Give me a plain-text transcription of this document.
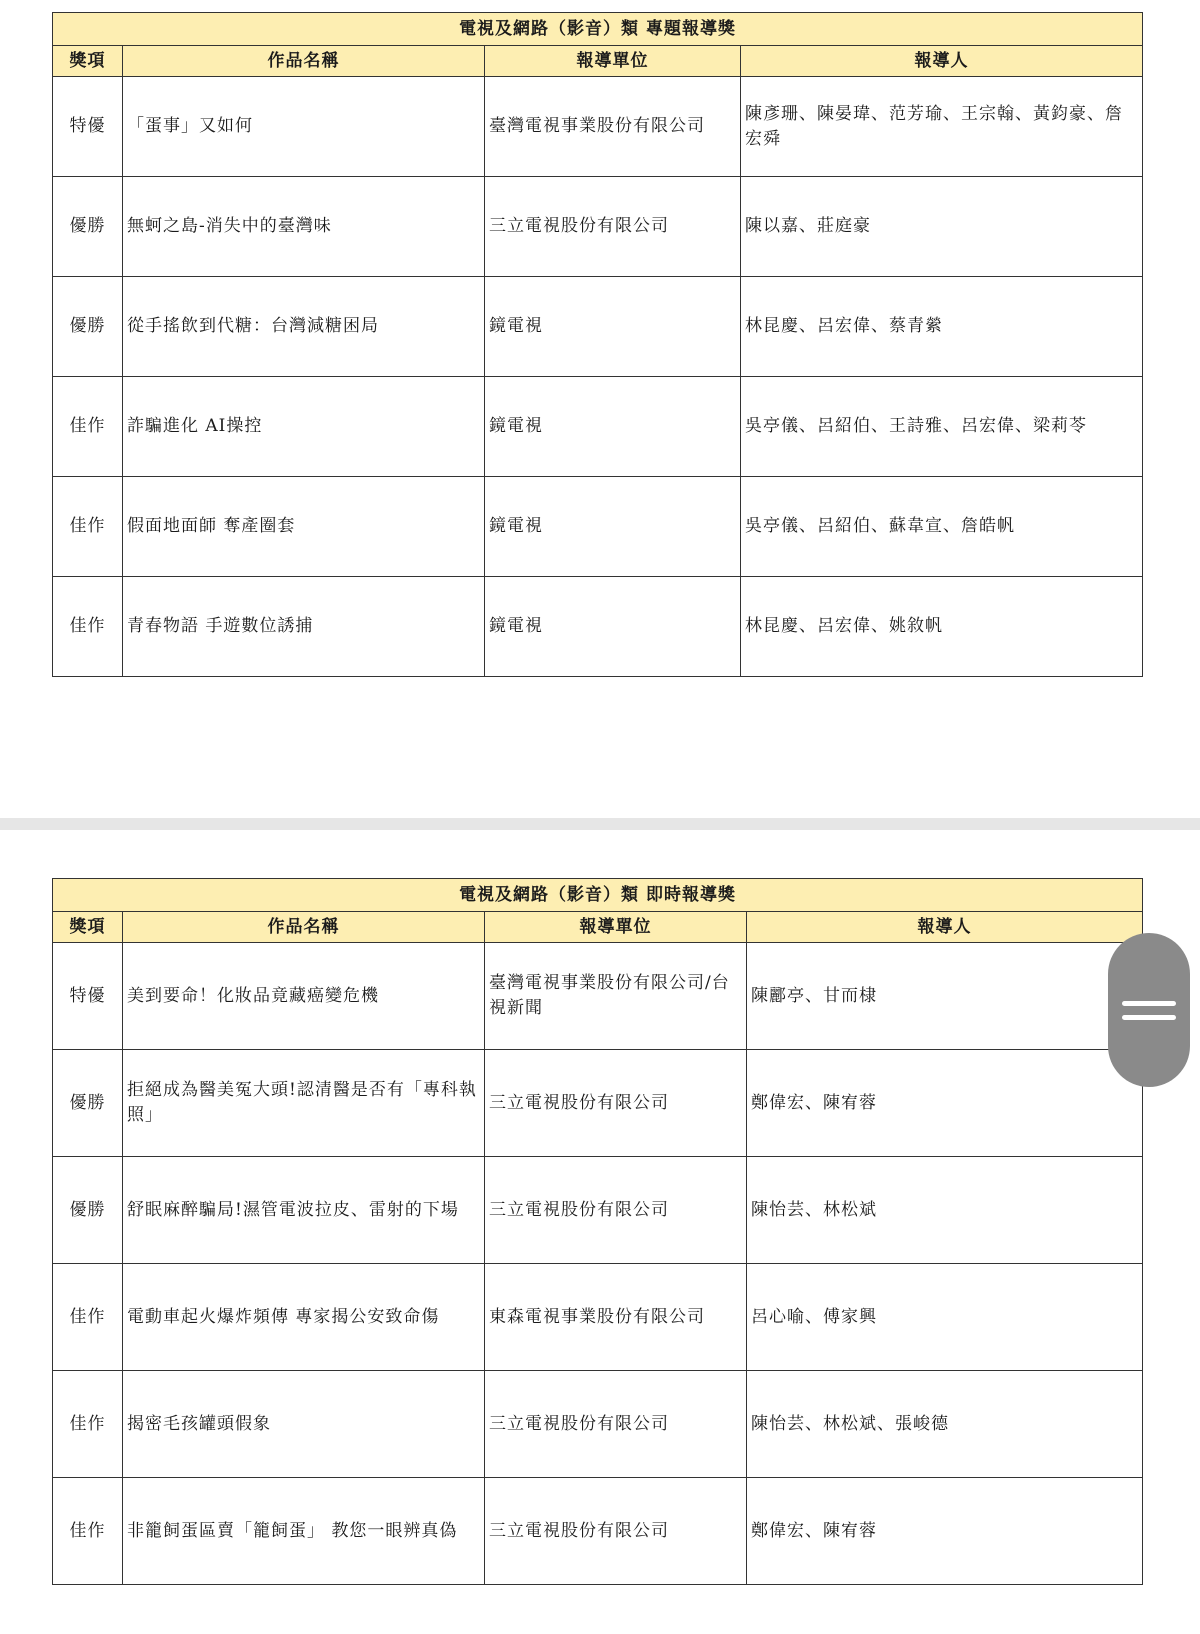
電視及網路（影音）類 專題報導獎			
獎項	作品名稱	報導單位	報導人
特優	「蛋事」又如何	臺灣電視事業股份有限公司	陳彥珊、陳晏瑋、范芳瑜、王宗翰、黃鈞豪、詹宏舜
優勝	無蚵之島-消失中的臺灣味	三立電視股份有限公司	陳以嘉、莊庭豪
優勝	從手搖飲到代糖：台灣減糖困局	鏡電視	林昆慶、呂宏偉、蔡青縈
佳作	詐騙進化 AI操控	鏡電視	吳亭儀、呂紹伯、王詩雅、呂宏偉、梁莉苓
佳作	假面地面師 奪產圈套	鏡電視	吳亭儀、呂紹伯、蘇韋宣、詹皓帆
佳作	青春物語 手遊數位誘捕	鏡電視	林昆慶、呂宏偉、姚敘帆
電視及網路（影音）類 即時報導獎			
獎項	作品名稱	報導單位	報導人
特優	美到要命！化妝品竟藏癌變危機	臺灣電視事業股份有限公司/台視新聞	陳酈亭、甘而棣
優勝	拒絕成為醫美冤大頭!認清醫是否有「專科執照」	三立電視股份有限公司	鄭偉宏、陳宥蓉
優勝	舒眠麻醉騙局!濕管電波拉皮、雷射的下場	三立電視股份有限公司	陳怡芸、林松斌
佳作	電動車起火爆炸頻傳 專家揭公安致命傷	東森電視事業股份有限公司	呂心喻、傅家興
佳作	揭密毛孩罐頭假象	三立電視股份有限公司	陳怡芸、林松斌、張峻德
佳作	非籠飼蛋區賣「籠飼蛋」 教您一眼辨真偽	三立電視股份有限公司	鄭偉宏、陳宥蓉
